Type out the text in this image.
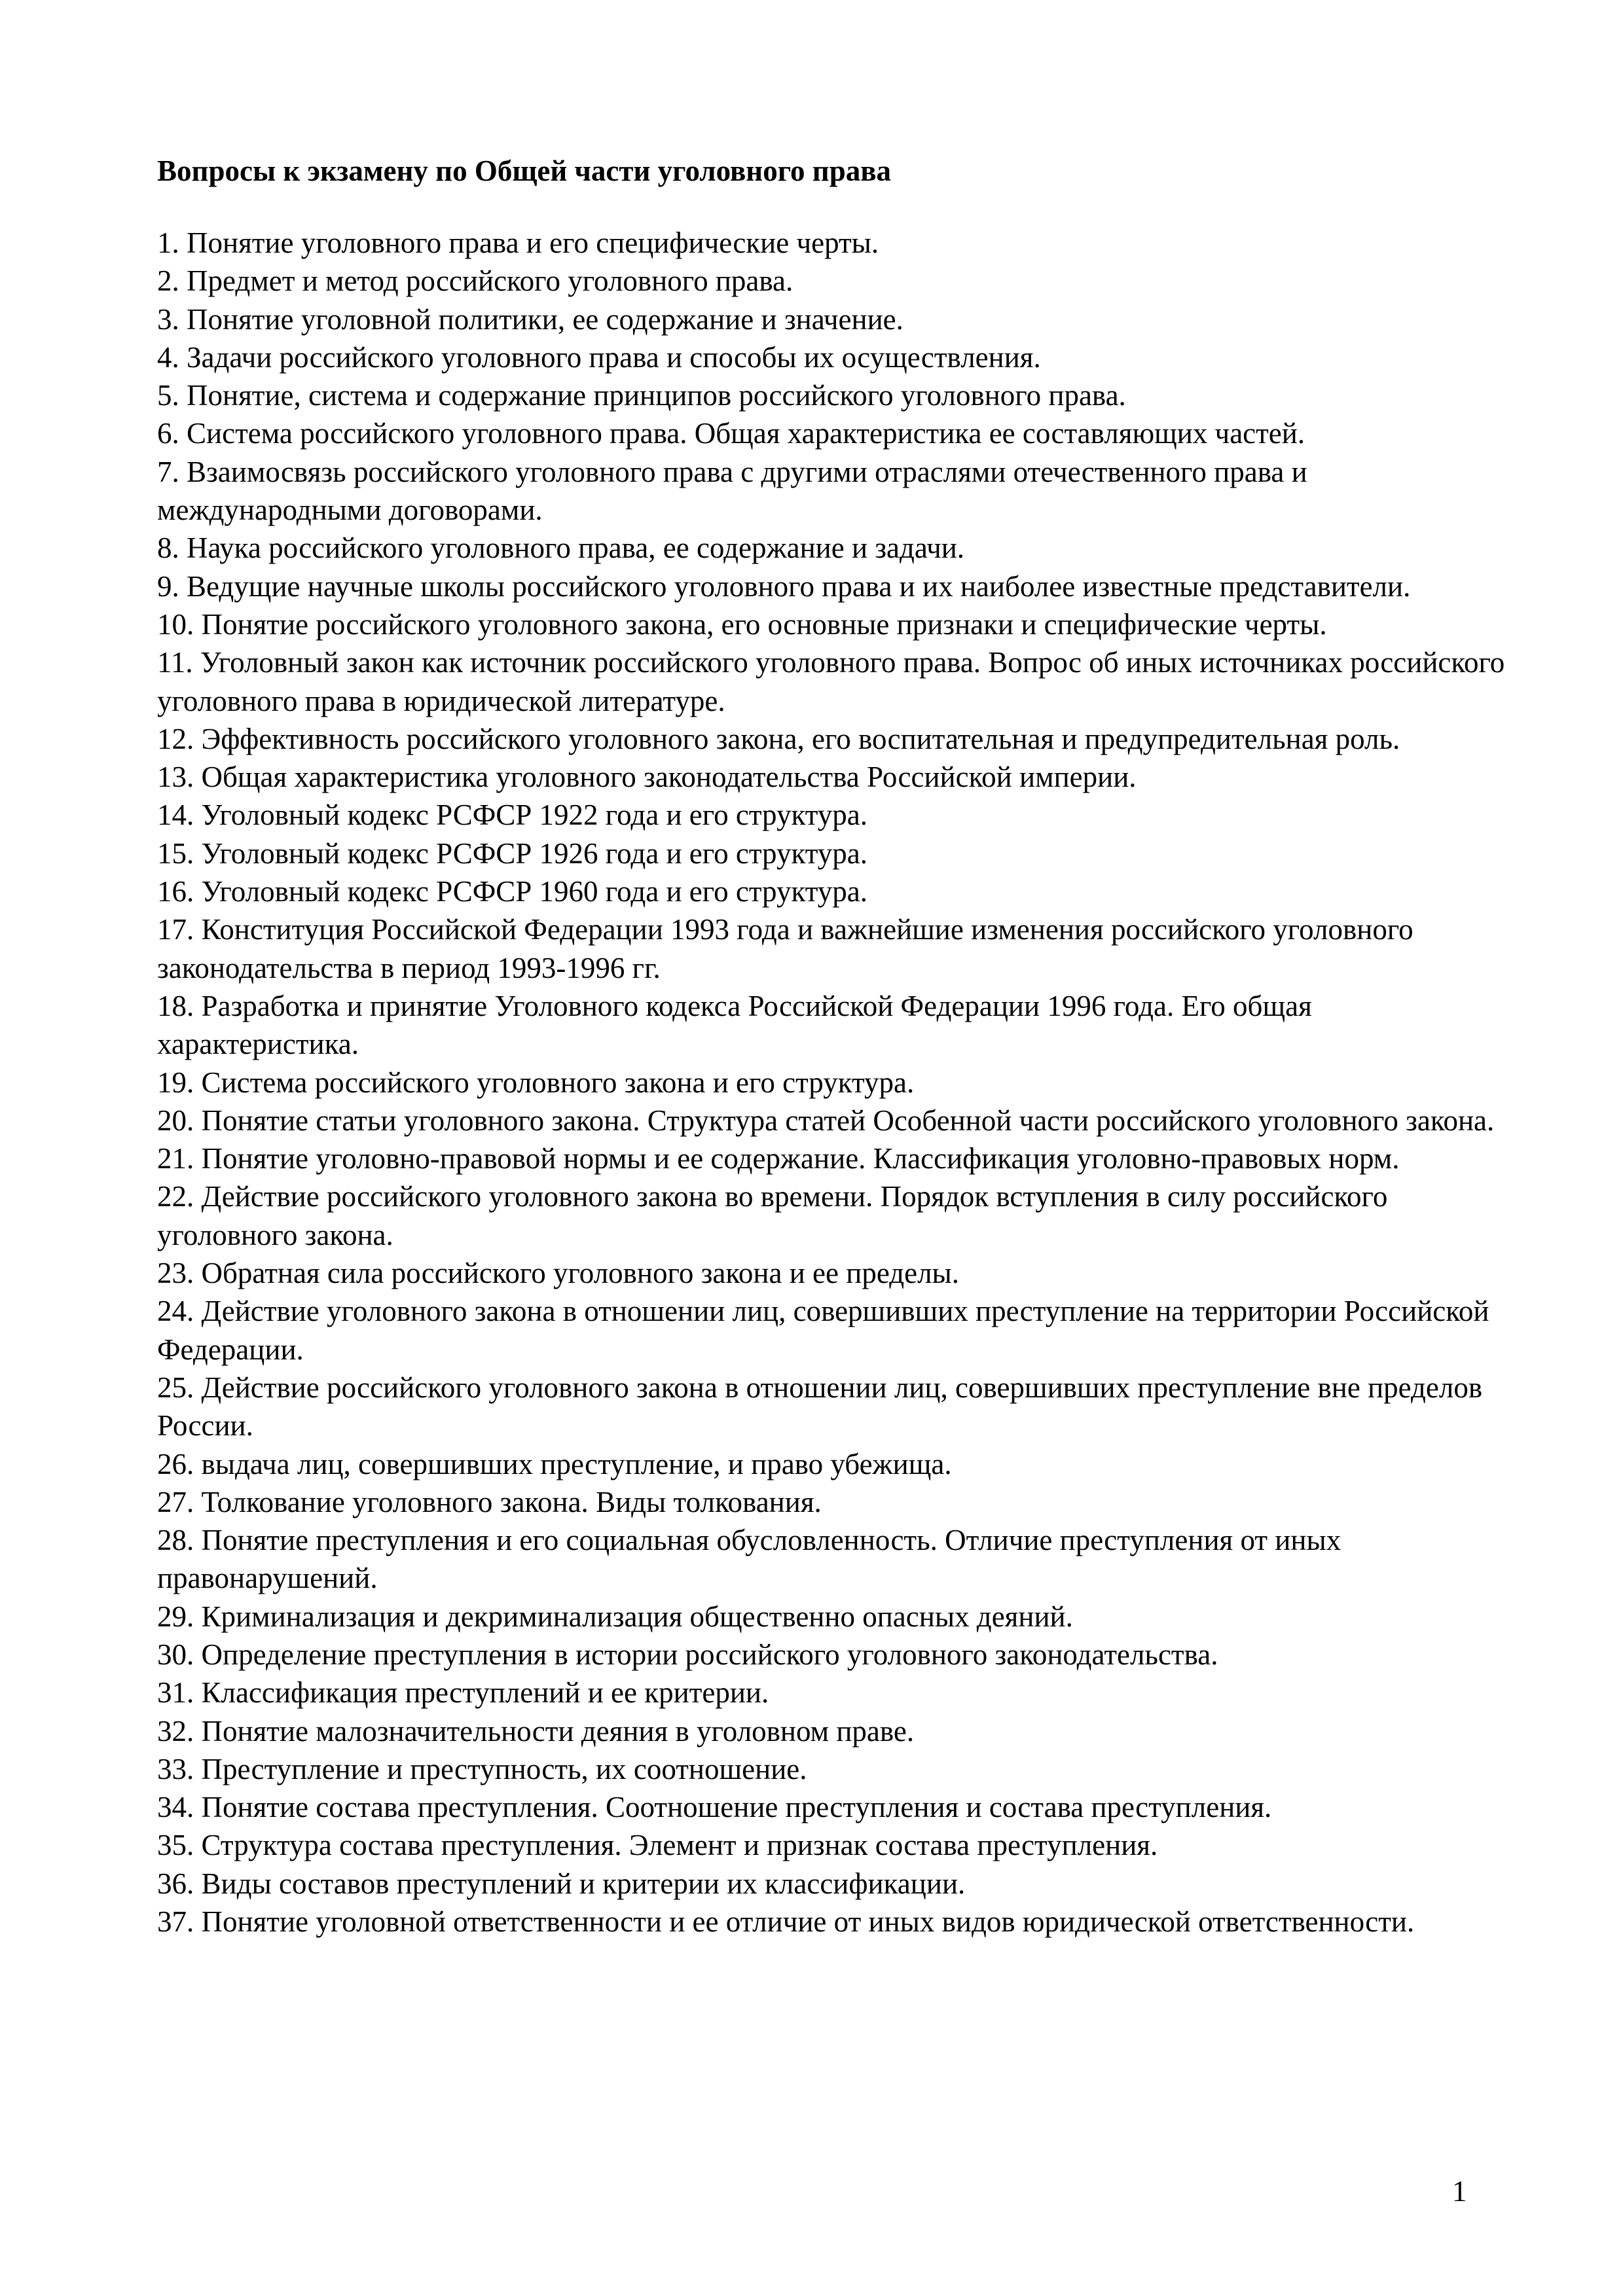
Вопросы к экзамену по Общей части уголовного права
1. Понятие уголовного права и его специфические черты.
2. Предмет и метод российского уголовного права.
3. Понятие уголовной политики, ее содержание и значение.
4. Задачи российского уголовного права и способы их осуществления.
5. Понятие, система и содержание принципов российского уголовного права.
6. Система российского уголовного права. Общая характеристика ее составляющих частей.
7. Взаимосвязь российского уголовного права с другими отраслями отечественного права и международными договорами.
8. Наука российского уголовного права, ее содержание и задачи.
9. Ведущие научные школы российского уголовного права и их наиболее известные представители.
10. Понятие российского уголовного закона, его основные признаки и специфические черты.
11. Уголовный закон как источник российского уголовного права. Вопрос об иных источниках российского уголовного права в юридической литературе.
12. Эффективность российского уголовного закона, его воспитательная и предупредительная роль.
13. Общая характеристика уголовного законодательства Российской империи.
14. Уголовный кодекс РСФСР 1922 года и его структура.
15. Уголовный кодекс РСФСР 1926 года и его структура.
16. Уголовный кодекс РСФСР 1960 года и его структура.
17. Конституция Российской Федерации 1993 года и важнейшие изменения российского уголовного законодательства в период 1993-1996 гг.
18. Разработка и принятие Уголовного кодекса Российской Федерации 1996 года. Его общая характеристика.
19. Система российского уголовного закона и его структура.
20. Понятие статьи уголовного закона. Структура статей Особенной части российского уголовного закона.
21. Понятие уголовно-правовой нормы и ее содержание. Классификация уголовно-правовых норм.
22. Действие российского уголовного закона во времени. Порядок вступления в силу российского уголовного закона.
23. Обратная сила российского уголовного закона и ее пределы.
24. Действие уголовного закона в отношении лиц, совершивших преступление на территории Российской Федерации.
25. Действие российского уголовного закона в отношении лиц, совершивших преступление вне пределов России.
26. выдача лиц, совершивших преступление, и право убежища.
27. Толкование уголовного закона. Виды толкования.
28. Понятие преступления и его социальная обусловленность. Отличие преступления от иных правонарушений.
29. Криминализация и декриминализация общественно опасных деяний.
30. Определение преступления в истории российского уголовного законодательства.
31. Классификация преступлений и ее критерии.
32. Понятие малозначительности деяния в уголовном праве.
33. Преступление и преступность, их соотношение.
34. Понятие состава преступления. Соотношение преступления и состава преступления.
35. Структура состава преступления. Элемент и признак состава преступления.
36. Виды составов преступлений и критерии их классификации.
37. Понятие уголовной ответственности и ее отличие от иных видов юридической ответственности.
1
